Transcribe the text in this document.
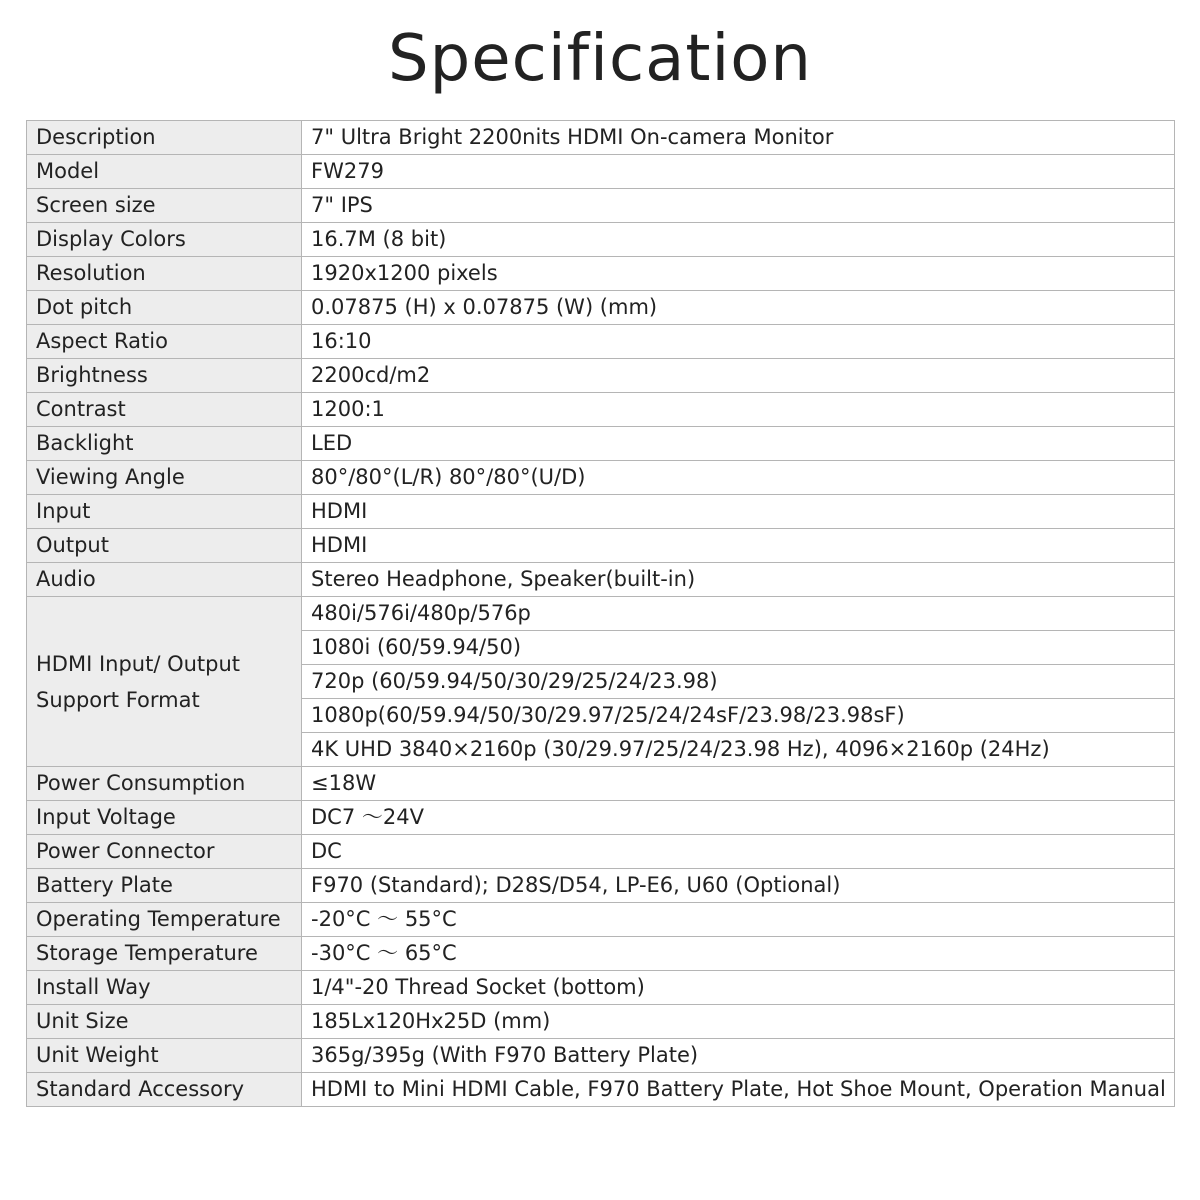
Specification
Description	7" Ultra Bright 2200nits HDMI On-camera Monitor
Model	FW279
Screen size	7" IPS
Display Colors	16.7M (8 bit)
Resolution	1920x1200 pixels
Dot pitch	0.07875 (H) x 0.07875 (W) (mm)
Aspect Ratio	16:10
Brightness	2200cd/m2
Contrast	1200:1
Backlight	LED
Viewing Angle	80°/80°(L/R) 80°/80°(U/D)
Input	HDMI
Output	HDMI
Audio	Stereo Headphone, Speaker(built-in)

HDMI Input/ Output
Support Format	480i/576i/480p/576p
	1080i (60/59.94/50)
	720p (60/59.94/50/30/29/25/24/23.98)
	1080p(60/59.94/50/30/29.97/25/24/24sF/23.98/23.98sF)
	4K UHD 3840×2160p (30/29.97/25/24/23.98 Hz), 4096×2160p (24Hz)
Power Consumption	≤18W
Input Voltage	DC7 ～24V
Power Connector	DC
Battery Plate	F970 (Standard); D28S/D54, LP-E6, U60 (Optional)
Operating Temperature	-20°C ～ 55°C
Storage Temperature	-30°C ～ 65°C
Install Way	1/4"-20 Thread Socket (bottom)
Unit Size	185Lx120Hx25D (mm)
Unit Weight	365g/395g (With F970 Battery Plate)
Standard Accessory	HDMI to Mini HDMI Cable, F970 Battery Plate, Hot Shoe Mount, Operation Manual
